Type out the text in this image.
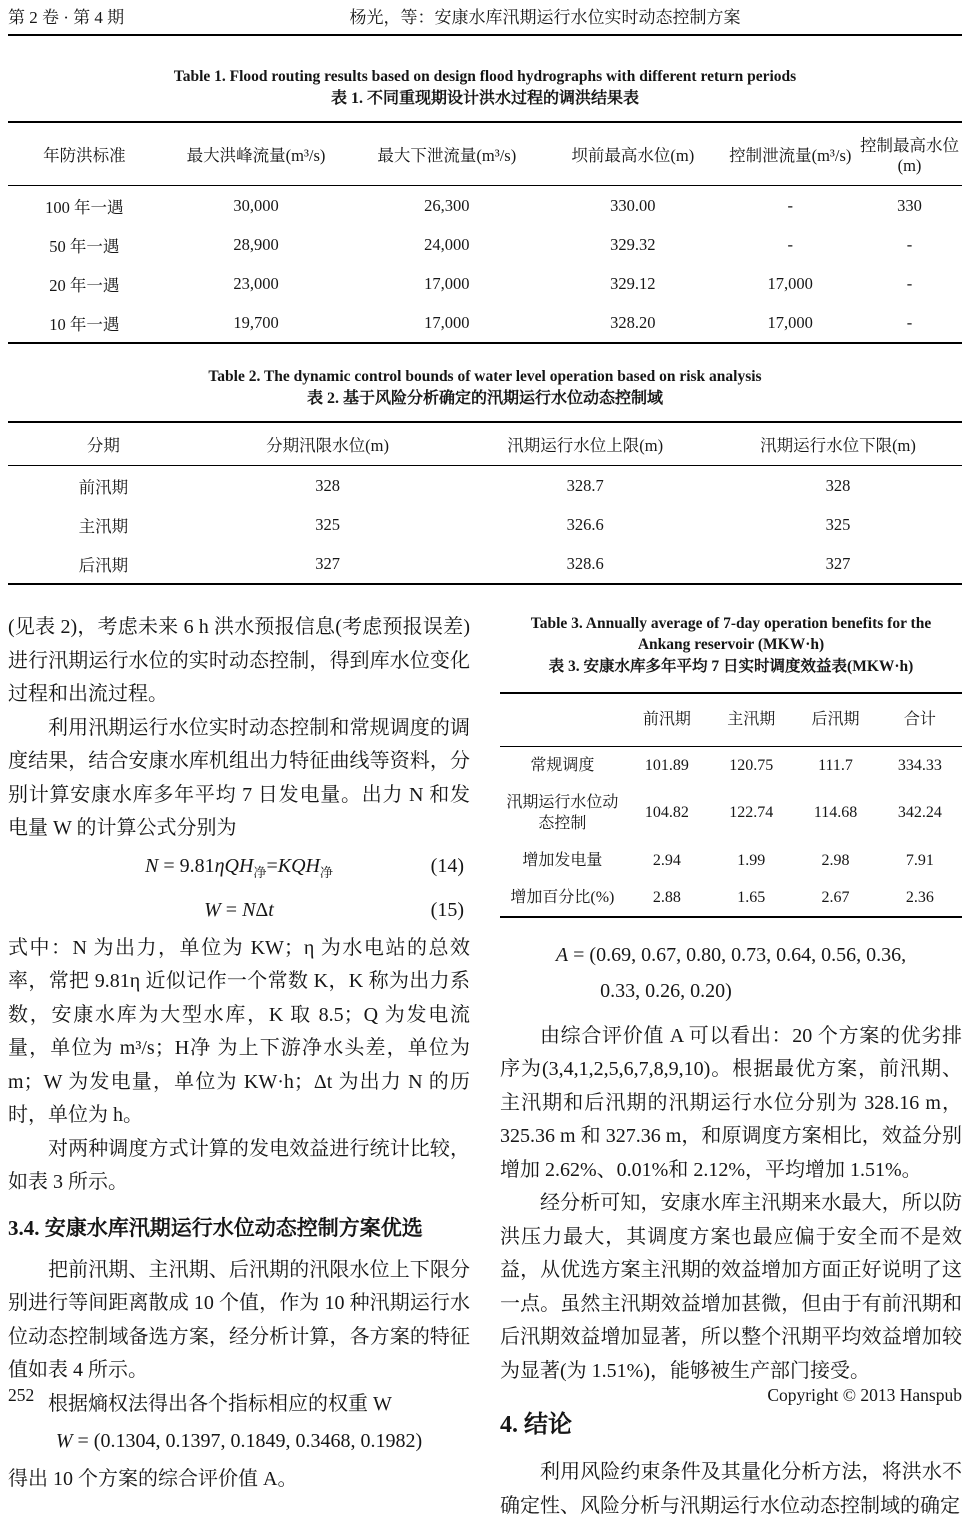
第 2 卷 · 第 4 期	杨光，等：安康水库汛期运行水位实时动态控制方案
Table 1. Flood routing results based on design flood hydrographs with different return periods
表 1. 不同重现期设计洪水过程的调洪结果表
年防洪标准	最大洪峰流量(m³/s)	最大下泄流量(m³/s)	坝前最高水位(m)	控制泄流量(m³/s)	控制最高水位(m)
100 年一遇	30,000	26,300	330.00	-	330
50 年一遇	28,900	24,000	329.32	-	-
20 年一遇	23,000	17,000	329.12	17,000	-
10 年一遇	19,700	17,000	328.20	17,000	-
Table 2. The dynamic control bounds of water level operation based on risk analysis
表 2. 基于风险分析确定的汛期运行水位动态控制域
分期	分期汛限水位(m)	汛期运行水位上限(m)	汛期运行水位下限(m)
前汛期	328	328.7	328
主汛期	325	326.6	325
后汛期	327	328.6	327
(见表 2)，考虑未来 6 h 洪水预报信息(考虑预报误差)进行汛期运行水位的实时动态控制，得到库水位变化过程和出流过程。
利用汛期运行水位实时动态控制和常规调度的调度结果，结合安康水库机组出力特征曲线等资料，分别计算安康水库多年平均 7 日发电量。出力 N 和发电量 W 的计算公式分别为
$N = 9.81\eta QH_净=KQH_净$	(14)
W = NΔt	(15)
式中：N 为出力，单位为 KW；η 为水电站的总效率，常把 9.81η 近似记作一个常数 K，K 称为出力系数，安康水库为大型水库，K 取 8.5；Q 为发电流量，单位为 m³/s；H净 为上下游净水头差，单位为 m；W 为发电量，单位为 KW·h；Δt 为出力 N 的历时，单位为 h。
对两种调度方式计算的发电效益进行统计比较，如表 3 所示。
3.4. 安康水库汛期运行水位动态控制方案优选
把前汛期、主汛期、后汛期的汛限水位上下限分别进行等间距离散成 10 个值，作为 10 种汛期运行水位动态控制域备选方案，经分析计算，各方案的特征值如表 4 所示。
根据熵权法得出各个指标相应的权重 W
W = (0.1304, 0.1397, 0.1849, 0.3468, 0.1982)
得出 10 个方案的综合评价值 A。
Table 3. Annually average of 7-day operation benefits for the Ankang reservoir (MKW·h)
表 3. 安康水库多年平均 7 日实时调度效益表(MKW·h)
	前汛期	主汛期	后汛期	合计
常规调度	101.89	120.75	111.7	334.33
汛期运行水位动态控制	104.82	122.74	114.68	342.24
增加发电量	2.94	1.99	2.98	7.91
增加百分比(%)	2.88	1.65	2.67	2.36
A = (0.69, 0.67, 0.80, 0.73, 0.64, 0.56, 0.36,
0.33, 0.26, 0.20)
由综合评价值 A 可以看出：20 个方案的优劣排序为(3,4,1,2,5,6,7,8,9,10)。根据最优方案，前汛期、主汛期和后汛期的汛期运行水位分别为 328.16 m，325.36 m 和 327.36 m，和原调度方案相比，效益分别增加 2.62%、0.01%和 2.12%，平均增加 1.51%。
经分析可知，安康水库主汛期来水最大，所以防洪压力最大，其调度方案也最应偏于安全而不是效益，从优选方案主汛期的效益增加方面正好说明了这一点。虽然主汛期效益增加甚微，但由于有前汛期和后汛期效益增加显著，所以整个汛期平均效益增加较为显著(为 1.51%)，能够被生产部门接受。
4. 结论
利用风险约束条件及其量化分析方法，将洪水不确定性、风险分析与汛期运行水位动态控制域的确定
252	Copyright © 2013 Hanspub
